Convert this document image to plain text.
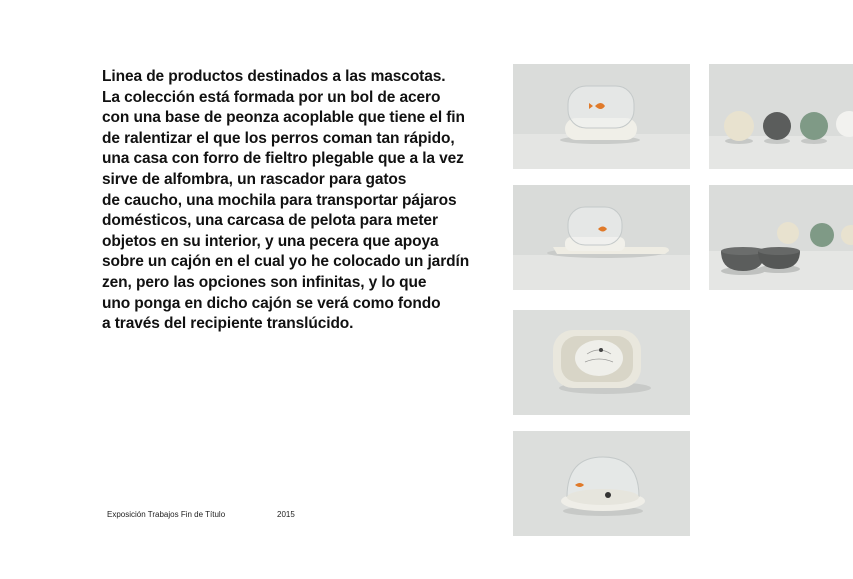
Linea de productos destinados a las mascotas.
La colección está formada por un bol de acero
con una base de peonza acoplable que tiene el fin
de ralentizar el que los perros coman tan rápido,
una casa con forro de fieltro plegable que a la vez
sirve de alfombra, un rascador para gatos
de caucho, una mochila para transportar pájaros
domésticos, una carcasa de pelota para meter
objetos en su interior, y una pecera que apoya
sobre un cajón en el cual yo he colocado un jardín
zen, pero las opciones son infinitas, y lo que
uno ponga en dicho cajón se verá como fondo
a través del recipiente translúcido.
Exposición Trabajos Fin de Título	2015
